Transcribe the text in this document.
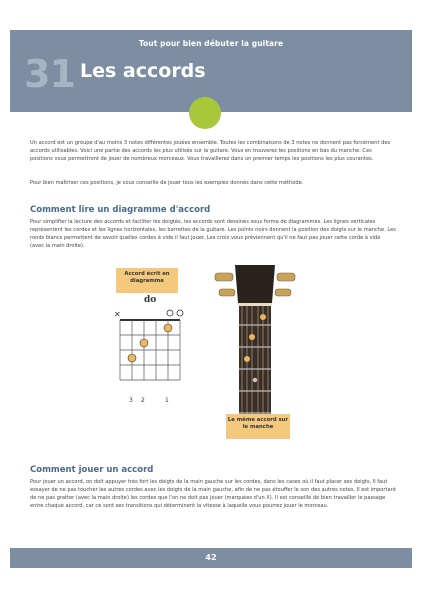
Tout pour bien débuter la guitare
31 Les accords

Un accord est un groupe d'au moins 3 notes différentes jouées ensemble. Toutes les combinaisons de 3 notes ne donnent pas forcément des accords utilisables. Voici une partie des accords les plus utilisés sur la guitare. Vous en trouverez les positions en bas du manche. Ces positions vous permettront de jouer de nombreux morceaux. Vous travaillerez dans un premier temps les positions les plus courantes.

Pour bien maîtriser ces positions, je vous conseille de jouer tous les exemples donnés dans cette méthode.

Comment lire un diagramme d'accord

Pour simplifier la lecture des accords et faciliter les doigtés, les accords sont dessinés sous forme de diagrammes. Les lignes verticales représentent les cordes et les lignes horizontales, les barrettes de la guitare. Les points noirs donnent la position des doigts sur le manche. Les ronds blancs permettent de savoir quelles cordes à vide il faut jouer. Les croix vous préviennent qu'il ne faut pas jouer cette corde à vide (avec la main droite).

Accord écrit en diagramme
do
✕
3 2	1
Le même accord sur le manche
Comment jouer un accord

Pour jouer un accord, on doit appuyer très fort les doigts de la main gauche sur les cordes, dans les cases où il faut placer ses doigts. Il faut essayer de ne pas toucher les autres cordes avec les doigts de la main gauche, afin de ne pas étouffer le son des autres notes. Il est important de ne pas gratter (avec la main droite) les cordes que l'on ne doit pas jouer (marquées d'un X). Il est conseillé de bien travailler le passage entre chaque accord, car ce sont ses transitions qui déterminent la vitesse à laquelle vous pourrez jouer le morceau.

42
